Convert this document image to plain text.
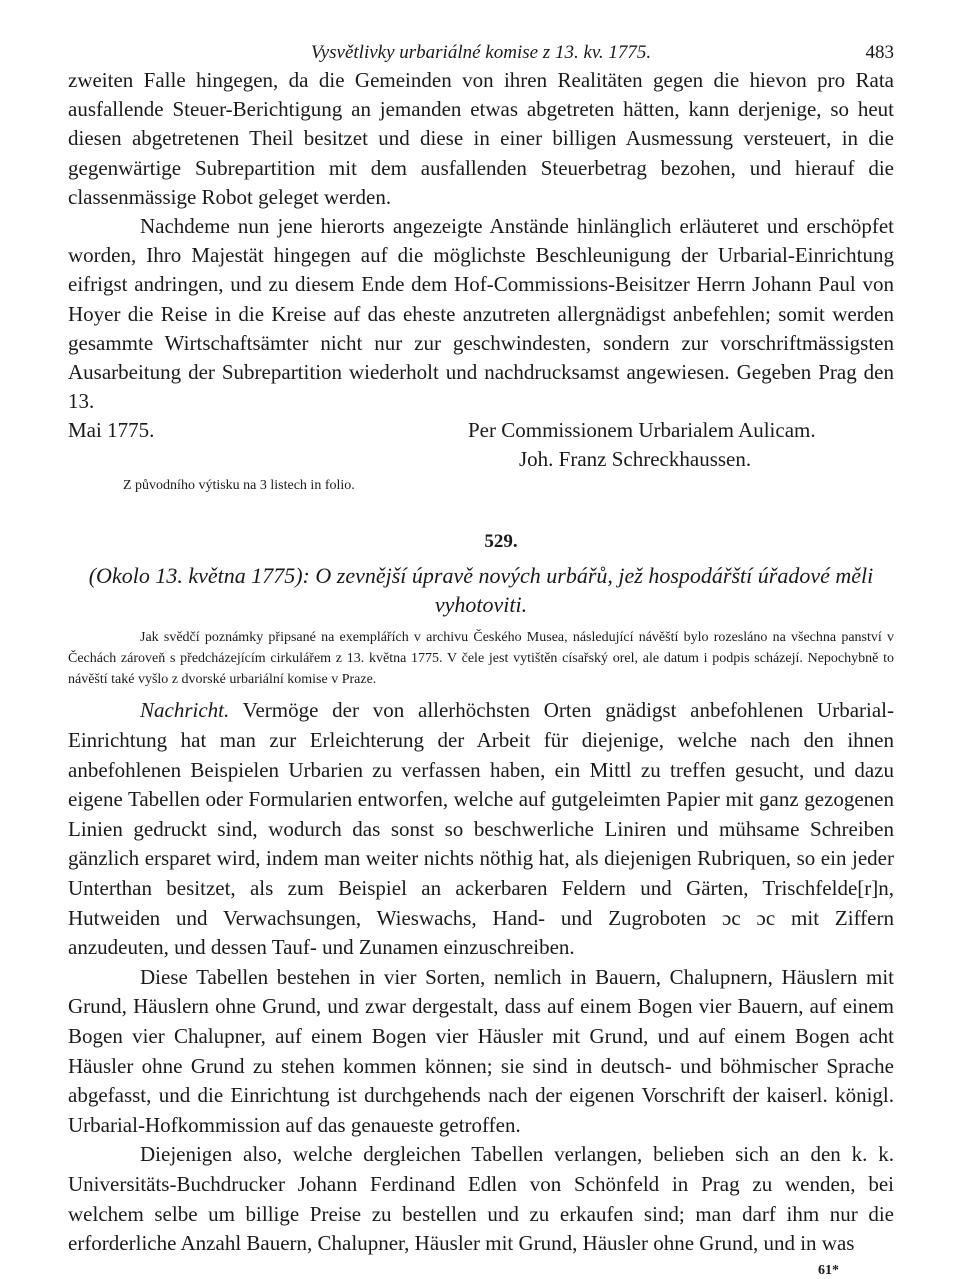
Vysvětlivky urbariálné komise z 13. kv. 1775.	483

zweiten Falle hingegen, da die Gemeinden von ihren Realitäten gegen die hievon pro Rata ausfallende Steuer-Berichtigung an jemanden etwas abgetreten hätten, kann derjenige, so heut diesen abgetretenen Theil besitzet und diese in einer billigen Ausmessung versteuert, in die gegenwärtige Subrepartition mit dem ausfallenden Steuerbetrag bezohen, und hierauf die classenmässige Robot geleget werden.

Nachdeme nun jene hierorts angezeigte Anstände hinlänglich erläuteret und erschöpfet worden, Ihro Majestät hingegen auf die möglichste Beschleunigung der Urbarial-Einrichtung eifrigst andringen, und zu diesem Ende dem Hof-Commissions-Beisitzer Herrn Johann Paul von Hoyer die Reise in die Kreise auf das eheste anzutreten allergnädigst anbefehlen; somit werden gesammte Wirtschaftsämter nicht nur zur geschwindesten, sondern zur vorschriftmässigsten Ausarbeitung der Subrepartition wiederholt und nachdrucksamst angewiesen. Gegeben Prag den 13.

Mai 1775.	Per Commissionem Urbarialem Aulicam.
Joh. Franz Schreckhaussen.
Z původního výtisku na 3 listech in folio.
529.
(Okolo 13. května 1775): O zevnější úpravě nových urbářů, jež hospodářští úřadové měli vyhotoviti.
Jak svědčí poznámky připsané na exemplářích v archivu Českého Musea, následující návěští bylo rozesláno na všechna panství v Čechách zároveň s předcházejícím cirkulářem z 13. května 1775. V čele jest vytištěn císařský orel, ale datum i podpis scházejí. Nepochybně to návěští také vyšlo z dvorské urbariální komise v Praze.

Nachricht. Vermöge der von allerhöchsten Orten gnädigst anbefohlenen Urbarial-Einrichtung hat man zur Erleichterung der Arbeit für diejenige, welche nach den ihnen anbefohlenen Beispielen Urbarien zu verfassen haben, ein Mittl zu treffen gesucht, und dazu eigene Tabellen oder Formularien entworfen, welche auf gutgeleimten Papier mit ganz gezogenen Linien gedruckt sind, wodurch das sonst so beschwerliche Liniren und mühsame Schreiben gänzlich ersparet wird, indem man weiter nichts nöthig hat, als diejenigen Rubriquen, so ein jeder Unterthan besitzet, als zum Beispiel an ackerbaren Feldern und Gärten, Trischfelde[r]n, Hutweiden und Verwachsungen, Wieswachs, Hand- und Zugroboten ɔc ɔc mit Ziffern anzudeuten, und dessen Tauf- und Zunamen einzuschreiben.

Diese Tabellen bestehen in vier Sorten, nemlich in Bauern, Chalupnern, Häuslern mit Grund, Häuslern ohne Grund, und zwar dergestalt, dass auf einem Bogen vier Bauern, auf einem Bogen vier Chalupner, auf einem Bogen vier Häusler mit Grund, und auf einem Bogen acht Häusler ohne Grund zu stehen kommen können; sie sind in deutsch- und böhmischer Sprache abgefasst, und die Einrichtung ist durchgehends nach der eigenen Vorschrift der kaiserl. königl. Urbarial-Hofkommission auf das genaueste getroffen.

Diejenigen also, welche dergleichen Tabellen verlangen, belieben sich an den k. k. Universitäts-Buchdrucker Johann Ferdinand Edlen von Schönfeld in Prag zu wenden, bei welchem selbe um billige Preise zu bestellen und zu erkaufen sind; man darf ihm nur die erforderliche Anzahl Bauern, Chalupner, Häusler mit Grund, Häusler ohne Grund, und in was

61*
